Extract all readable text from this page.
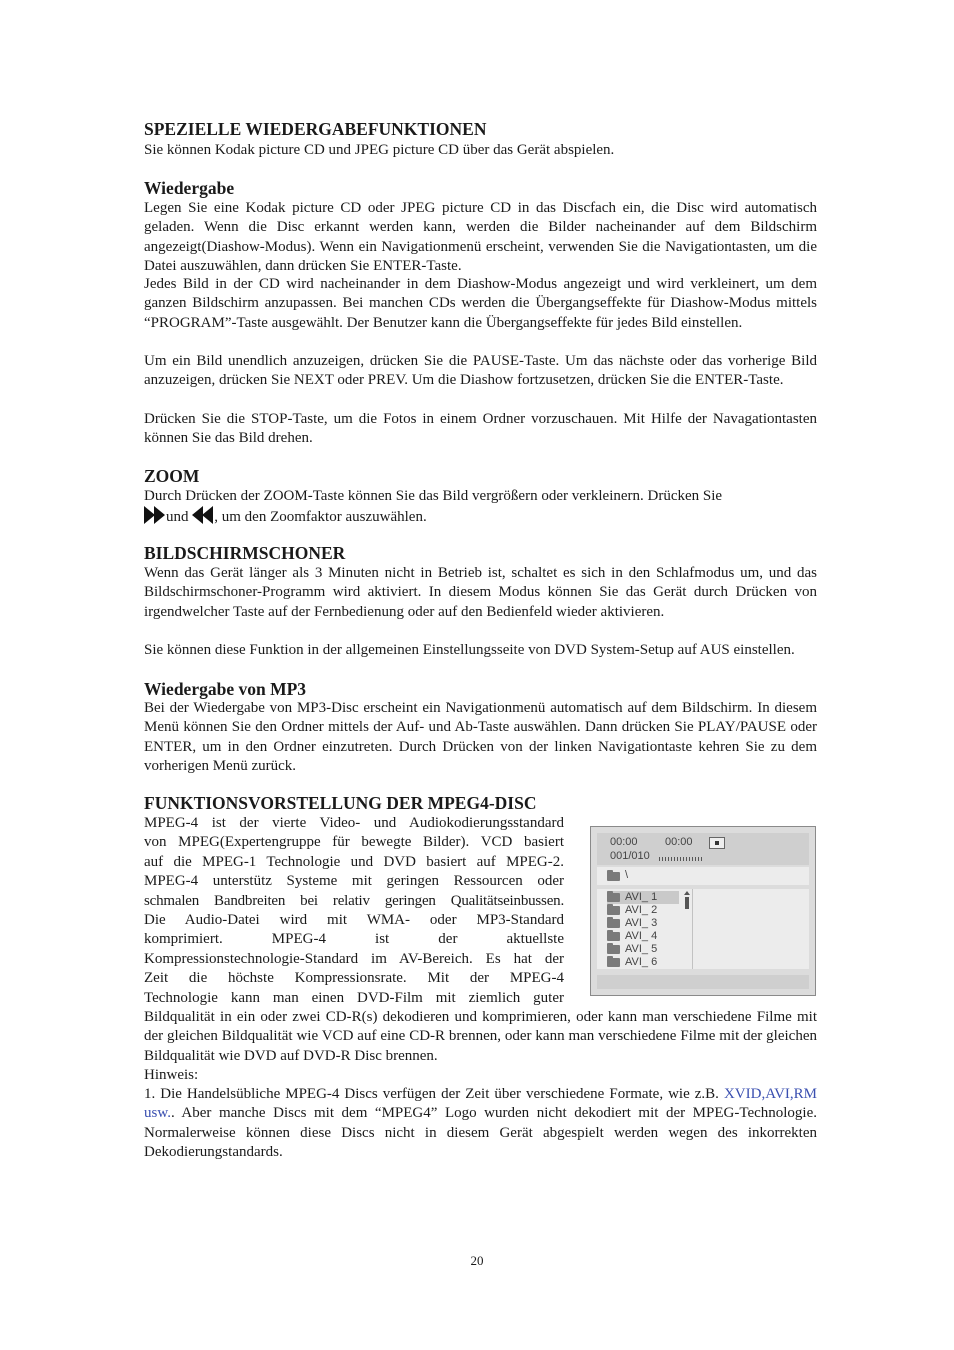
SPEZIELLE WIEDERGABEFUNKTIONEN

Sie können Kodak picture CD und JPEG picture CD über das Gerät abspielen.

Wiedergabe

Legen Sie eine Kodak picture CD oder JPEG picture CD in das Discfach ein, die Disc wird automatisch geladen. Wenn die Disc erkannt werden kann, werden die Bilder nacheinander auf dem Bildschirm angezeigt(Diashow-Modus). Wenn ein Navigationmenü erscheint, verwenden Sie die Navigationtasten, um die Datei auszuwählen, dann drücken Sie ENTER-Taste.

Jedes Bild in der CD wird nacheinander in dem Diashow-Modus angezeigt und wird verkleinert, um dem ganzen Bildschirm anzupassen. Bei manchen CDs werden die Übergangseffekte für Diashow-Modus mittels “PROGRAM”-Taste ausgewählt. Der Benutzer kann die Übergangseffekte für jedes Bild einstellen.

Um ein Bild unendlich anzuzeigen, drücken Sie die PAUSE-Taste. Um das nächste oder das vorherige Bild anzuzeigen, drücken Sie NEXT oder PREV. Um die Diashow fortzusetzen, drücken Sie die ENTER-Taste.

Drücken Sie die STOP-Taste, um die Fotos in einem Ordner vorzuschauen. Mit Hilfe der Navagationtasten können Sie das Bild drehen.

ZOOM

Durch Drücken der ZOOM-Taste können Sie das Bild vergrößern oder verkleinern. Drücken Sie
und , um den Zoomfaktor auszuwählen.

BILDSCHIRMSCHONER

Wenn das Gerät länger als 3 Minuten nicht in Betrieb ist, schaltet es sich in den Schlafmodus um, und das Bildschirmschoner-Programm wird aktiviert. In diesem Modus können Sie das Gerät durch Drücken von irgendwelcher Taste auf der Fernbedienung oder auf den Bedienfeld wieder aktivieren.

Sie können diese Funktion in der allgemeinen Einstellungsseite von DVD System-Setup auf AUS einstellen.

Wiedergabe von MP3

Bei der Wiedergabe von MP3-Disc erscheint ein Navigationmenü automatisch auf dem Bildschirm. In diesem Menü können Sie den Ordner mittels der Auf- und Ab-Taste auswählen. Dann drücken Sie PLAY/PAUSE oder ENTER, um in den Ordner einzutreten. Durch Drücken von der linken Navigationtaste kehren Sie zu dem vorherigen Menü zurück.

FUNKTIONSVORSTELLUNG DER MPEG4-DISC
MPEG-4 ist der vierte Video- und Audiokodierungsstandard
von MPEG(Expertengruppe für bewegte Bilder). VCD basiert
auf die MPEG-1 Technologie und DVD basiert auf MPEG-2.
MPEG-4 unterstütz Systeme mit geringen Ressourcen oder
schmalen Bandbreiten bei relativ geringen Qualitätseinbussen.
Die Audio-Datei wird mit WMA- oder MP3-Standard
komprimiert. MPEG-4 ist der aktuellste
Kompressionstechnologie-Standard im AV-Bereich. Es hat der
Zeit die höchste Kompressionsrate. Mit der MPEG-4
Technologie kann man einen DVD-Film mit ziemlich guter

Bildqualität in ein oder zwei CD-R(s) dekodieren und komprimieren, oder kann man verschiedene Filme mit der gleichen Bildqualität wie VCD auf eine CD-R brennen, oder kann man verschiedene Filme mit der gleichen Bildqualität wie DVD auf DVD-R Disc brennen.

Hinweis:

1. Die Handelsübliche MPEG-4 Discs verfügen der Zeit über verschiedene Formate, wie z.B. XVID,AVI,RM usw.. Aber manche Discs mit dem “MPEG4” Logo wurden nicht dekodiert mit der MPEG-Technologie. Normalerweise können diese Discs nicht in diesem Gerät abgespielt werden wegen des inkorrekten Dekodierungstandards.

00:00 00:00
001/010
\
AVI_ 1
AVI_ 2
AVI_ 3
AVI_ 4
AVI_ 5
AVI_ 6
20
